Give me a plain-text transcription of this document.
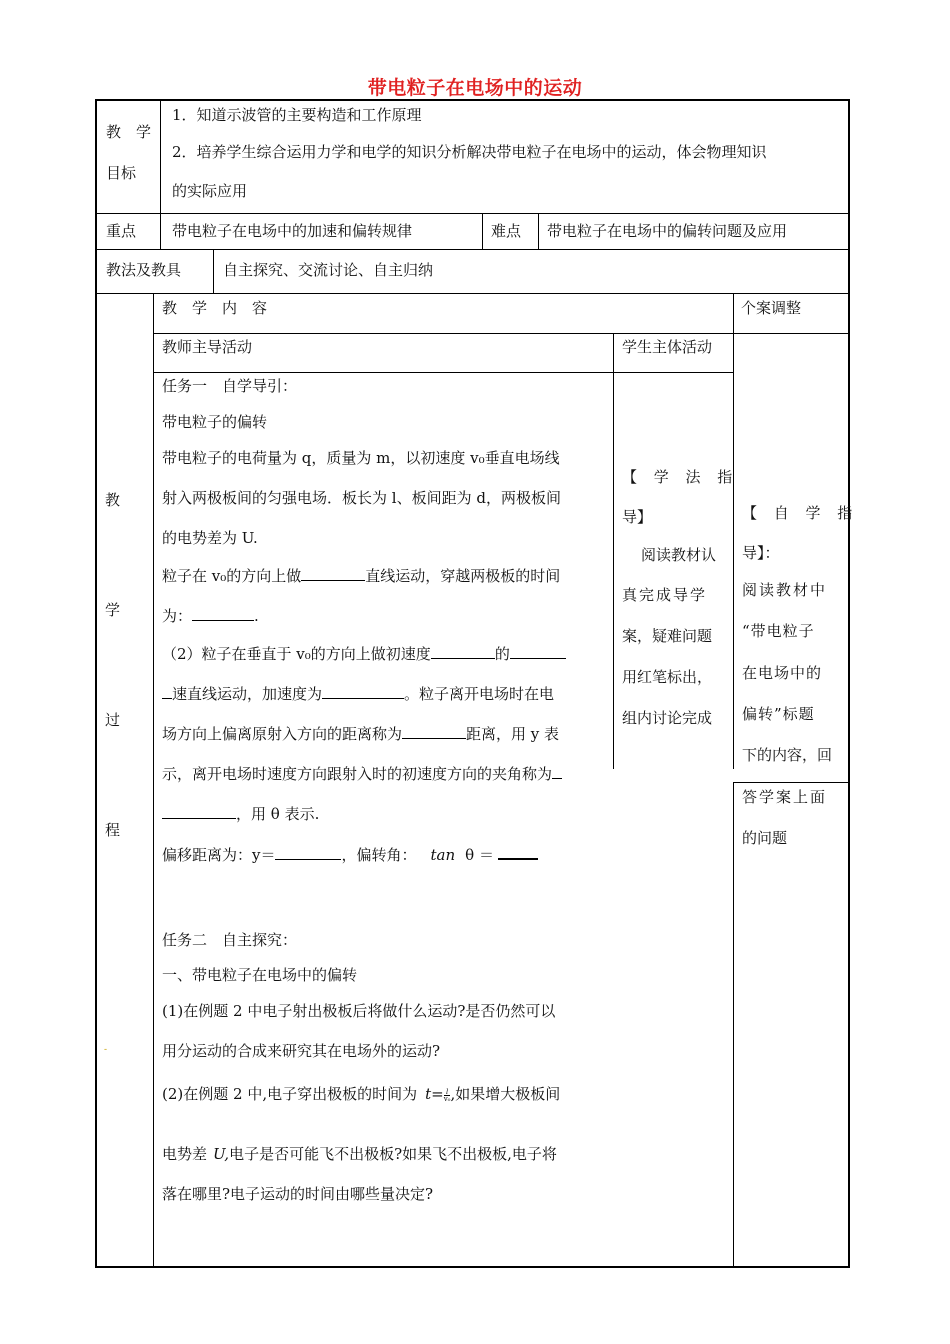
带电粒子在电场中的运动
教　学
目标
1．知道示波管的主要构造和工作原理
2．培养学生综合运用力学和电学的知识分析解决带电粒子在电场中的运动，体会物理知识
的实际应用
重点 带电粒子在电场中的加速和偏转规律	难点 带电粒子在电场中的偏转问题及应用
教法及教具	自主探究、交流讨论、自主归纳
教
学
过
程
-
教　学　内　容	个案调整
教师主导活动	学生主体活动
任务一　自学导引：
带电粒子的偏转
带电粒子的电荷量为 q，质量为 m，以初速度 v₀垂直电场线
射入两极板间的匀强电场．板长为 l、板间距为 d，两极板间
的电势差为 U.
粒子在 v₀的方向上做	直线运动，穿越两极板的时间
为：	.
（2）粒子在垂直于 v₀的方向上做初速度	的
速直线运动，加速度为	。粒子离开电场时在电
场方向上偏离原射入方向的距离称为	距离，用 y 表
示，离开电场时速度方向跟射入时的初速度方向的夹角称为
，用 θ 表示.
偏移距离为：y＝	，偏转角： tan θ ＝
任务二　自主探究：
一、带电粒子在电场中的偏转
(1)在例题 2 中电子射出极板后将做什么运动?是否仍然可以
用分运动的合成来研究其在电场外的运动?
(2)在例题 2 中,电子穿出极板的时间为 $t= \frac{l}{\text{v₀}}$ ,如果增大极板间
电势差 U,电子是否可能飞不出极板?如果飞不出极板,电子将
落在哪里?电子运动的时间由哪些量决定?
【 学 法 指
导】
阅读教材认
真完成导学
案，疑难问题
用红笔标出，
组内讨论完成
【 自 学 指
导】：
阅读教材中
“带电粒子
在电场中的
偏转”标题
下的内容，回
答学案上面
的问题
